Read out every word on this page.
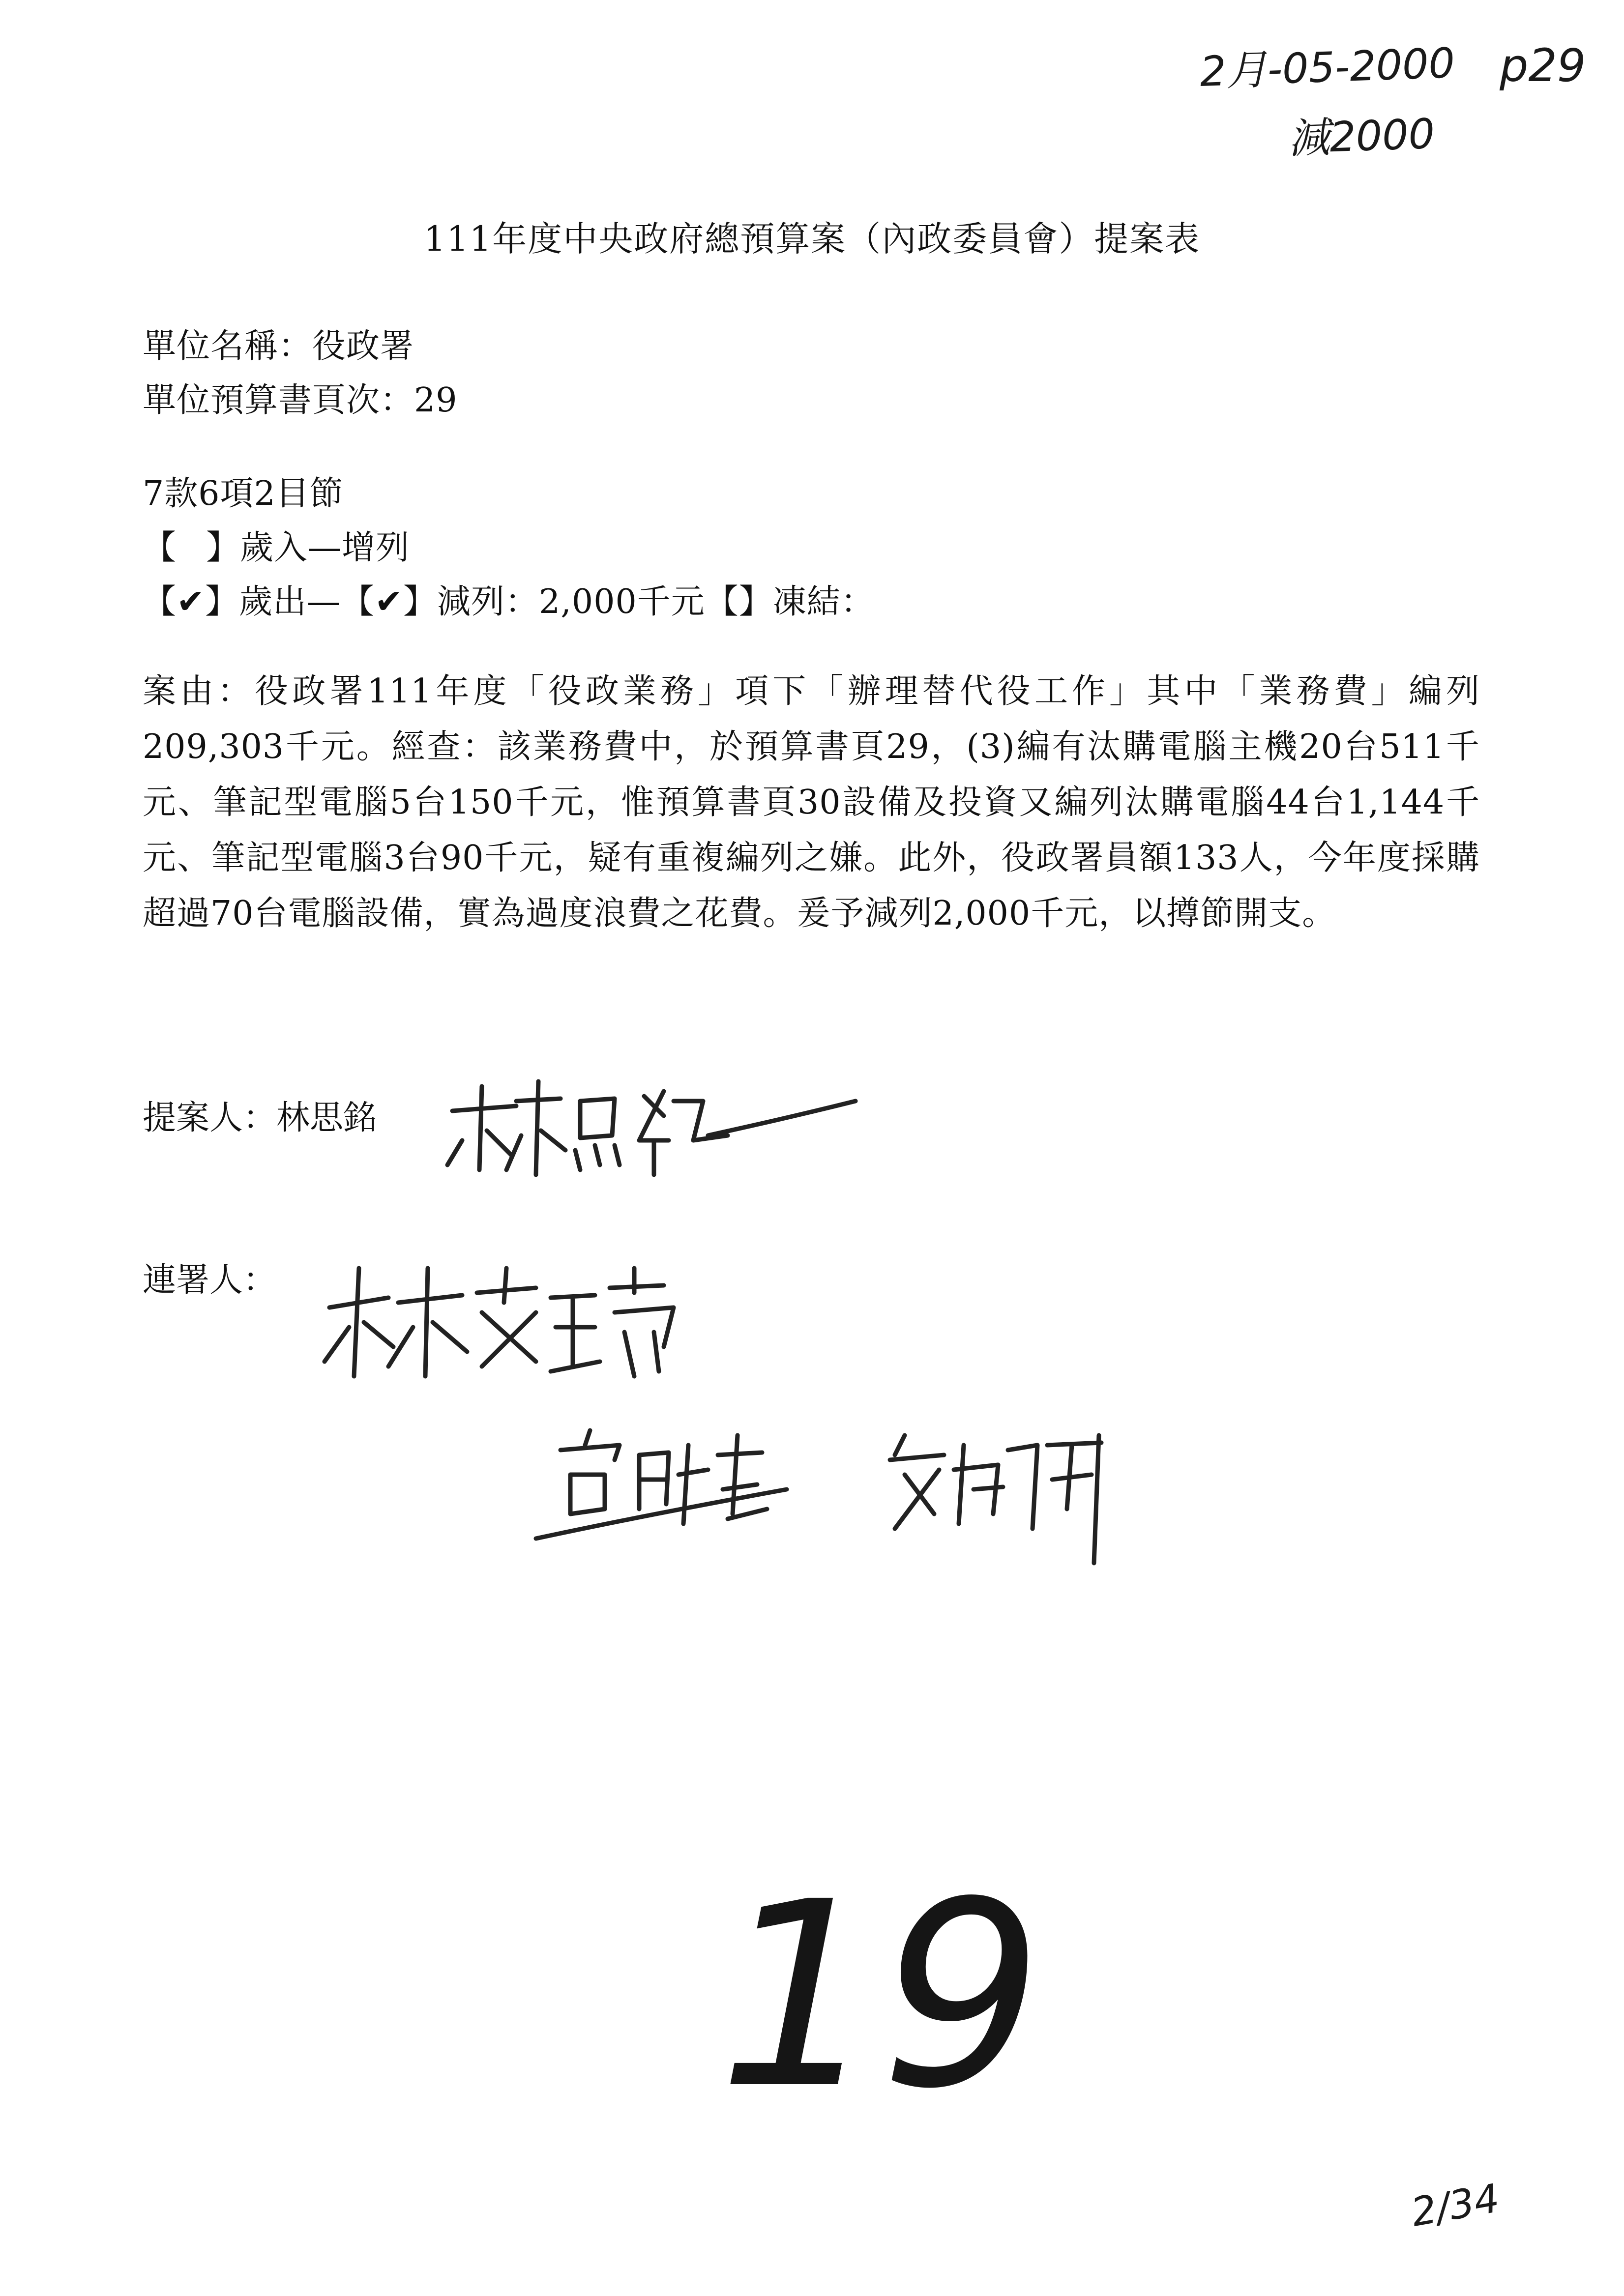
2月-05-2000 p29
減2000
111年度中央政府總預算案（內政委員會）提案表
單位名稱：役政署
單位預算書頁次：29
7款6項2目節
【 】歲入—增列
【✔】歲出—【✔】減列：2,000千元【】凍結：
案由：役政署111年度「役政業務」項下「辦理替代役工作」其中「業務費」編列209,303千元。經查：該業務費中，於預算書頁29，(3)編有汰購電腦主機20台511千元、筆記型電腦5台150千元，惟預算書頁30設備及投資又編列汰購電腦44台1,144千元、筆記型電腦3台90千元，疑有重複編列之嫌。此外，役政署員額133人，今年度採購超過70台電腦設備，實為過度浪費之花費。爰予減列2,000千元，以撙節開支。
提案人：林思銘
連署人：
19
2/34
